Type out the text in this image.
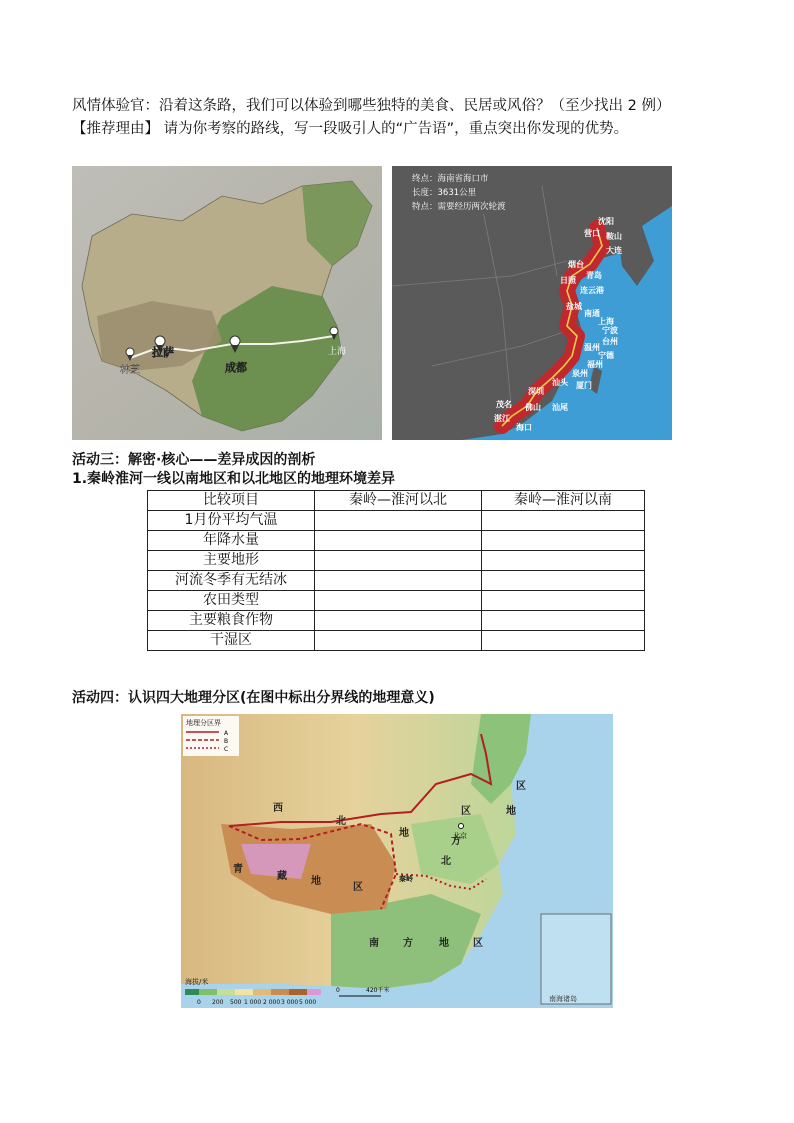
风情体验官：沿着这条路，我们可以体验到哪些独特的美食、民居或风俗？（至少找出 2 例）
【推荐理由】 请为你考察的路线，写一段吸引人的“广告语”，重点突出你发现的优势。
林芝
拉萨
成都
上海
终点：海南省海口市
长度：3631公里
特点：需要经历两次轮渡
沈阳
营口 鞍山
大连
烟台
青岛
日照
连云港
盐城
南通
上海
宁波
台州
温州
宁德
福州
泉州
厦门
汕头
汕尾
深圳
佛山
茂名
湛江
海口
活动三：解密·核心——差异成因的剖析
1.秦岭淮河一线以南地区和以北地区的地理环境差异
比较项目	秦岭—淮河以北	秦岭—淮河以南
1月份平均气温		
年降水量		
主要地形		
河流冬季有无结冰		
农田类型		
主要粮食作物		
干湿区		
活动四：认识四大地理分区(在图中标出分界线的地理意义)
南海诸岛
地理分区界
A
B
C
西
北
地
区
区
地
方
北
青
藏 地
区
南 方	地 区
北京
秦岭
海拔/米
0 200 500 1 000 2 000 3 000 5 000
0	420千米
